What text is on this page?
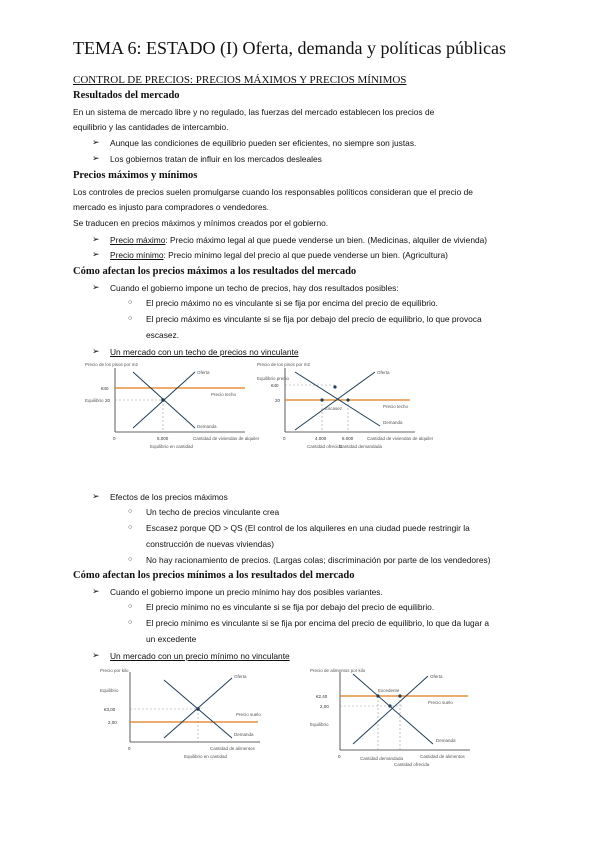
TEMA 6: ESTADO (I) Oferta, demanda y políticas públicas
CONTROL DE PRECIOS: PRECIOS MÁXIMOS Y PRECIOS MÍNIMOS
Resultados del mercado
En un sistema de mercado libre y no regulado, las fuerzas del mercado establecen los precios de
equilibrio y las cantidades de intercambio.
➢ Aunque las condiciones de equilibrio pueden ser eficientes, no siempre son justas.
➢ Los gobiernos tratan de influir en los mercados desleales
Precios máximos y mínimos
Los controles de precios suelen promulgarse cuando los responsables políticos consideran que el precio de
mercado es injusto para compradores o vendedores.
Se traducen en precios máximos y mínimos creados por el gobierno.
➢ Precio máximo: Precio máximo legal al que puede venderse un bien. (Medicinas, alquiler de vivienda)
➢ Precio mínimo: Precio mínimo legal del precio al que puede venderse un bien. (Agricultura)
Cómo afectan los precios máximos a los resultados del mercado
➢ Cuando el gobierno impone un techo de precios, hay dos resultados posibles:
○ El precio máximo no es vinculante si se fija por encima del precio de equilibrio.
○ El precio máximo es vinculante si se fija por debajo del precio de equilibrio, lo que provoca
escasez.
➢ Un mercado con un techo de precios no vinculante
Precio de los pisos por m2
€40
20
0	5.000
Oferta
Precio techo
Demanda
Equilibrio
Equilibrio en cantidad
Cantidad de viviendas de alquiler
Precio de los pisos por m2
€40
20
0	4.000	6.000
Oferta
Equilibrio precio
Escasez	Precio techo
Demanda
Cantidad ofrecida
Cantidad demandada
Cantidad de viviendas de alquiler
➢ Efectos de los precios máximos
○ Un techo de precios vinculante crea
○ Escasez porque QD > QS (El control de los alquileres en una ciudad puede restringir la
construcción de nuevas viviendas)
○ No hay racionamiento de precios. (Largas colas; discriminación por parte de los vendedores)
Cómo afectan los precios mínimos a los resultados del mercado
➢ Cuando el gobierno impone un precio mínimo hay dos posibles variantes.
○ El precio mínimo no es vinculante si se fija por debajo del precio de equilibrio.
○ El precio mínimo es vinculante si se fija por encima del precio de equilibrio, lo que da lugar a
un excedente
➢ Un mercado con un precio mínimo no vinculante
Precio por kilo
€3,00
2,00
0
Oferta
Precio suelo
Demanda
Equilibrio
Equilibrio en cantidad
Cantidad de alimentos
Precio de alimentos por kilo
€2,40
2,00
0
Excedente
Oferta
Precio suelo
Equilibrio
Demanda
Cantidad demandada
Cantidad ofrecida
Cantidad de alimentos
